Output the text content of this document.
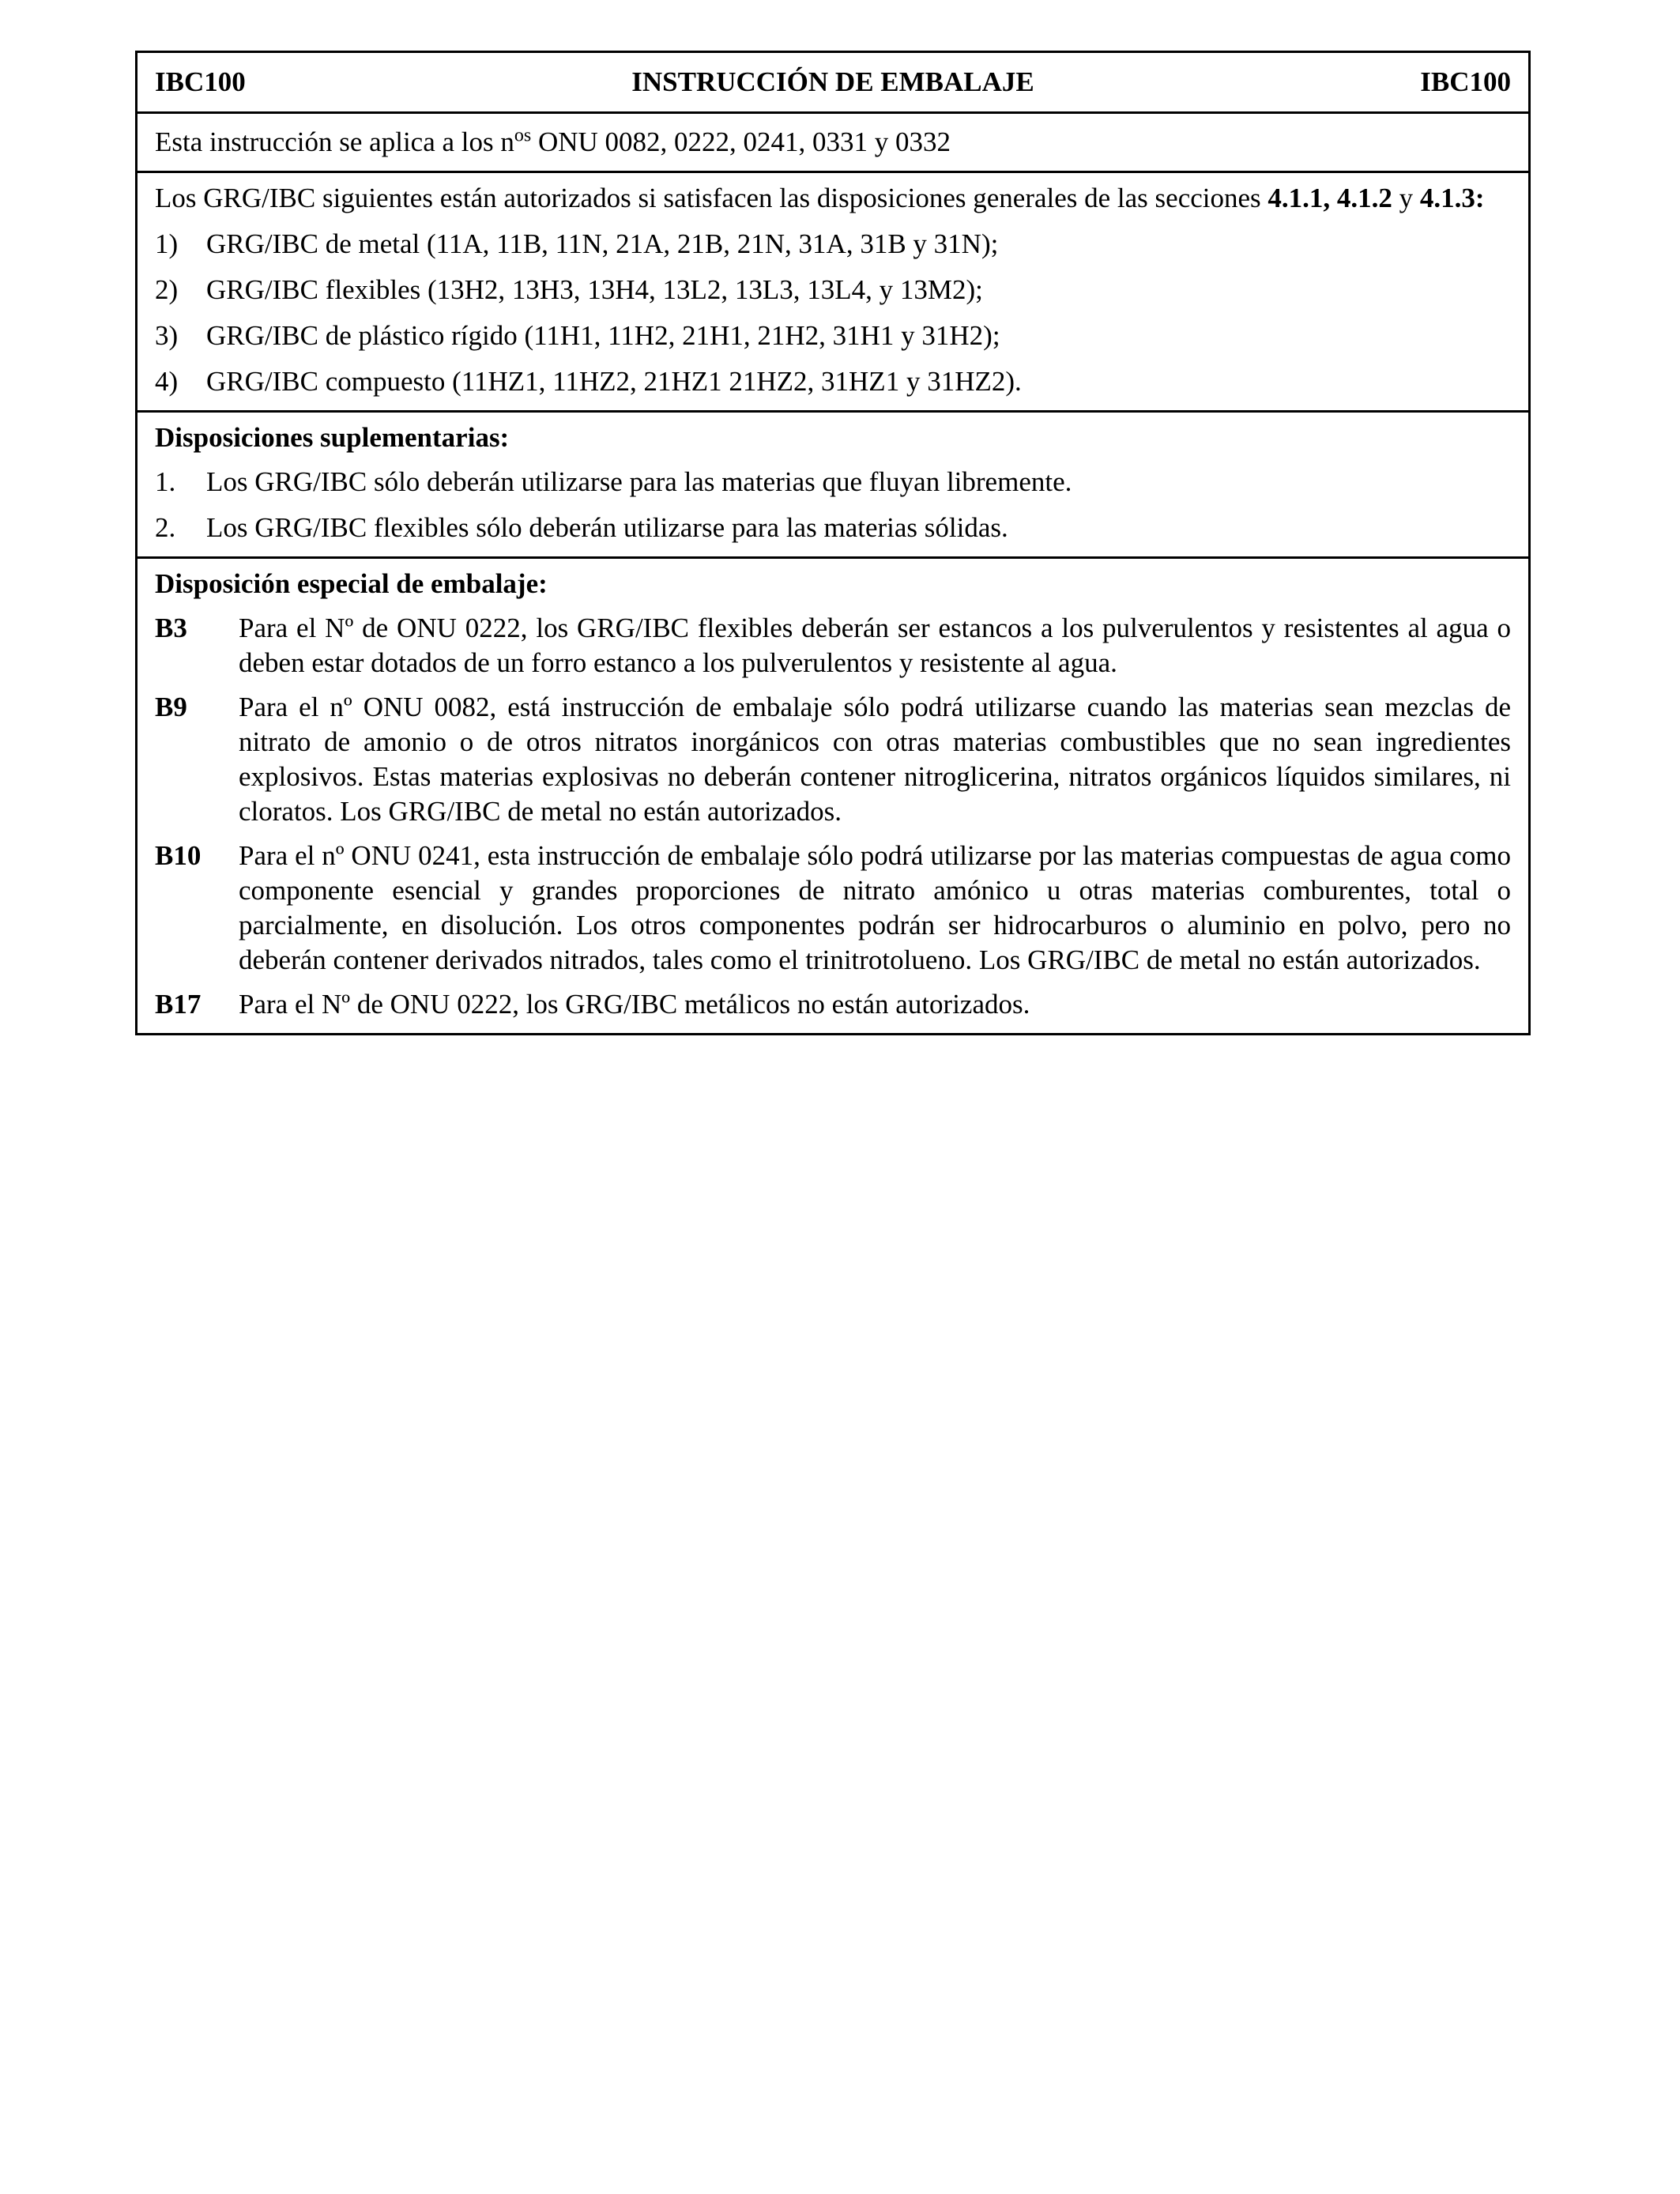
IBC100	INSTRUCCIÓN DE EMBALAJE	IBC100
Esta instrucción se aplica a los $n^{os}$ ONU 0082, 0222, 0241, 0331 y 0332
Los GRG/IBC siguientes están autorizados si satisfacen las disposiciones generales de las secciones 4.1.1, 4.1.2 y 4.1.3:
1)	GRG/IBC de metal (11A, 11B, 11N, 21A, 21B, 21N, 31A, 31B y 31N);
2)	GRG/IBC flexibles (13H2, 13H3, 13H4, 13L2, 13L3, 13L4, y 13M2);
3)	GRG/IBC de plástico rígido (11H1, 11H2, 21H1, 21H2, 31H1 y 31H2);
4)	GRG/IBC compuesto (11HZ1, 11HZ2, 21HZ1 21HZ2, 31HZ1 y 31HZ2).
Disposiciones suplementarias:
1.	Los GRG/IBC sólo deberán utilizarse para las materias que fluyan libremente.
2.	Los GRG/IBC flexibles sólo deberán utilizarse para las materias sólidas.
Disposición especial de embalaje:
B3	Para el Nº de ONU 0222, los GRG/IBC flexibles deberán ser estancos a los pulverulentos y resistentes al agua o deben estar dotados de un forro estanco a los pulverulentos y resistente al agua.
B9	Para el nº ONU 0082, está instrucción de embalaje sólo podrá utilizarse cuando las materias sean mezclas de nitrato de amonio o de otros nitratos inorgánicos con otras materias combustibles que no sean ingredientes explosivos. Estas materias explosivas no deberán contener nitroglicerina, nitratos orgánicos líquidos similares, ni cloratos. Los GRG/IBC de metal no están autorizados.
B10	Para el nº ONU 0241, esta instrucción de embalaje sólo podrá utilizarse por las materias compuestas de agua como componente esencial y grandes proporciones de nitrato amónico u otras materias comburentes, total o parcialmente, en disolución. Los otros componentes podrán ser hidrocarburos o aluminio en polvo, pero no deberán contener derivados nitrados, tales como el trinitrotolueno. Los GRG/IBC de metal no están autorizados.
B17	Para el Nº de ONU 0222, los GRG/IBC metálicos no están autorizados.
